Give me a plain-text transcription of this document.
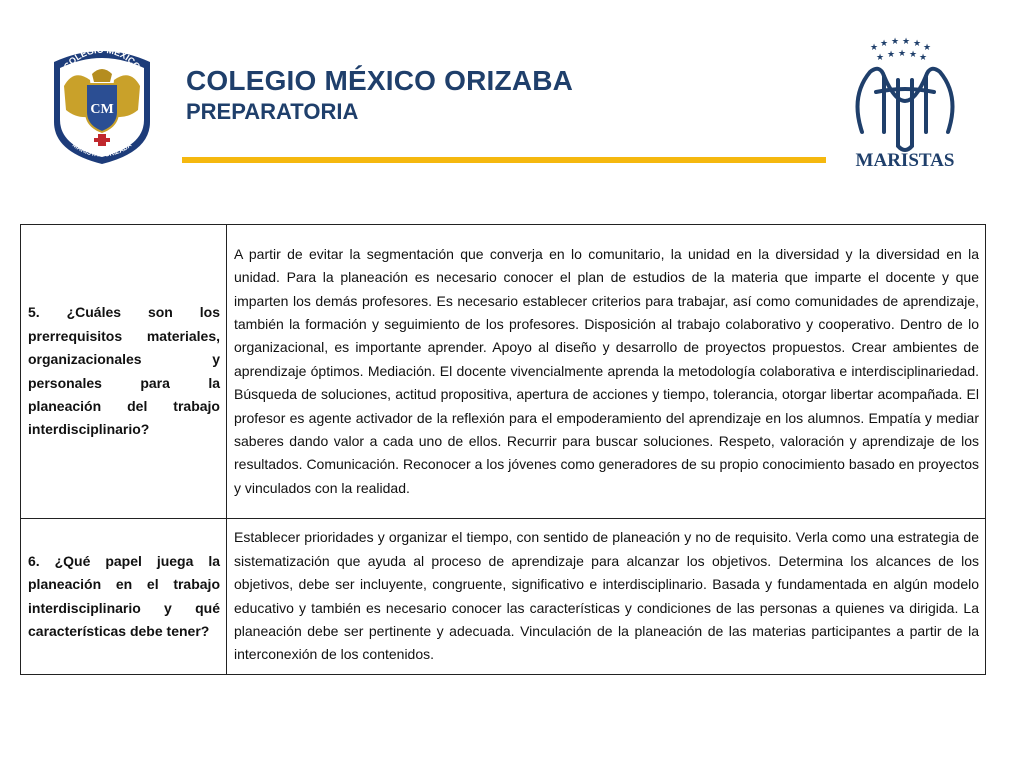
CM
COLEGIO MEXICO
MARISTAS ORIZABA
COLEGIO MÉXICO ORIZABA
PREPARATORIA
★ ★ ★ ★ ★ ★
★ ★ ★ ★ ★
MARISTAS
5. ¿Cuáles son los prerrequisitos materiales, organizacionales y personales para la planeación del trabajo interdisciplinario?	A partir de evitar la segmentación que converja en lo comunitario, la unidad en la diversidad y la diversidad en la unidad. Para la planeación es necesario conocer el plan de estudios de la materia que imparte el docente y que imparten los demás profesores. Es necesario establecer criterios para trabajar, así como comunidades de aprendizaje, también la formación y seguimiento de los profesores. Disposición al trabajo colaborativo y cooperativo. Dentro de lo organizacional, es importante aprender. Apoyo al diseño y desarrollo de proyectos propuestos. Crear ambientes de aprendizaje óptimos. Mediación. El docente vivencialmente aprenda la metodología colaborativa e interdisciplinariedad. Búsqueda de soluciones, actitud propositiva, apertura de acciones y tiempo, tolerancia, otorgar libertar acompañada. El profesor es agente activador de la reflexión para el empoderamiento del aprendizaje en los alumnos. Empatía y mediar saberes dando valor a cada uno de ellos. Recurrir para buscar soluciones. Respeto, valoración y aprendizaje de los resultados. Comunicación. Reconocer a los jóvenes como generadores de su propio conocimiento basado en proyectos y vinculados con la realidad.
6. ¿Qué papel juega la planeación en el trabajo interdisciplinario y qué características debe tener?	Establecer prioridades y organizar el tiempo, con sentido de planeación y no de requisito. Verla como una estrategia de sistematización que ayuda al proceso de aprendizaje para alcanzar los objetivos. Determina los alcances de los objetivos, debe ser incluyente, congruente, significativo e interdisciplinario. Basada y fundamentada en algún modelo educativo y también es necesario conocer las características y condiciones de las personas a quienes va dirigida. La planeación debe ser pertinente y adecuada. Vinculación de la planeación de las materias participantes a partir de la interconexión de los contenidos.
